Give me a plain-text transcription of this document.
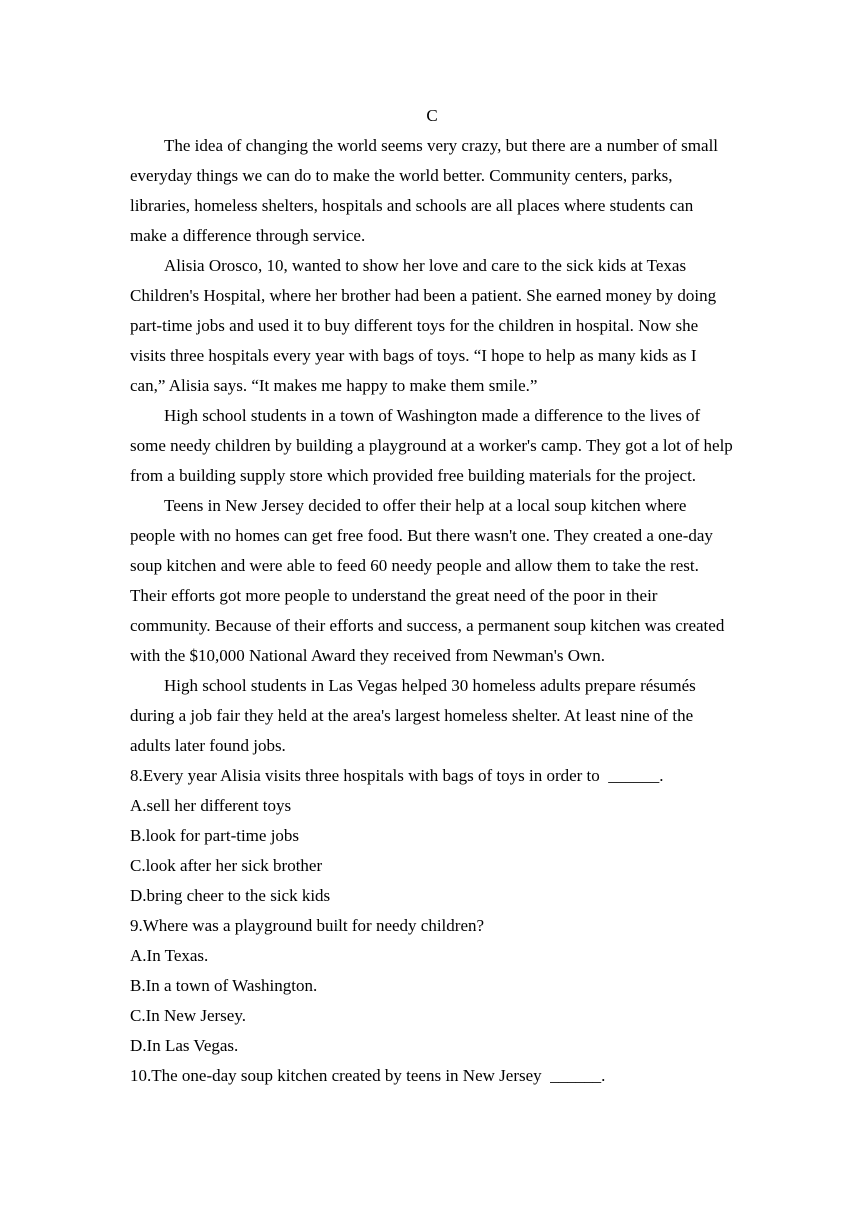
C

The idea of changing the world seems very crazy, but there are a number of small everyday things we can do to make the world better. Community centers, parks, libraries, homeless shelters, hospitals and schools are all places where students can make a difference through service.

Alisia Orosco, 10, wanted to show her love and care to the sick kids at Texas Children's Hospital, where her brother had been a patient. She earned money by doing part-time jobs and used it to buy different toys for the children in hospital. Now she visits three hospitals every year with bags of toys. “I hope to help as many kids as I can,” Alisia says. “It makes me happy to make them smile.”

High school students in a town of Washington made a difference to the lives of some needy children by building a playground at a worker's camp. They got a lot of help from a building supply store which provided free building materials for the project.

Teens in New Jersey decided to offer their help at a local soup kitchen where people with no homes can get free food. But there wasn't one. They created a one-day soup kitchen and were able to feed 60 needy people and allow them to take the rest. Their efforts got more people to understand the great need of the poor in their community. Because of their efforts and success, a permanent soup kitchen was created with the $10,000 National Award they received from Newman's Own.

High school students in Las Vegas helped 30 homeless adults prepare résumés during a job fair they held at the area's largest homeless shelter. At least nine of the adults later found jobs.

8.Every year Alisia visits three hospitals with bags of toys in order to  ______.

A.sell her different toys

B.look for part-time jobs

C.look after her sick brother

D.bring cheer to the sick kids

9.Where was a playground built for needy children?

A.In Texas.

B.In a town of Washington.

C.In New Jersey.

D.In Las Vegas.

10.The one-day soup kitchen created by teens in New Jersey  ______.
